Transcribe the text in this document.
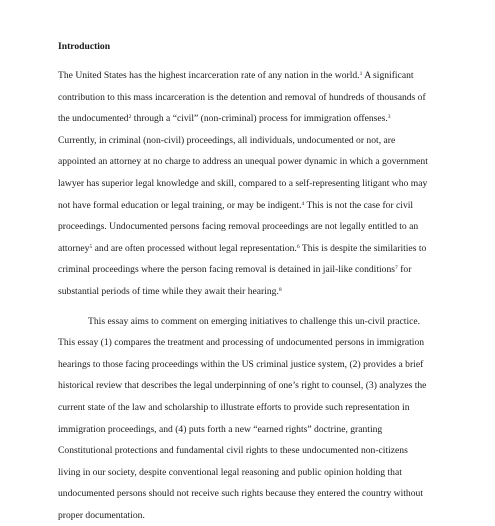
Introduction
The United States has the highest incarceration rate of any nation in the world.$^1$ A significant
contribution to this mass incarceration is the detention and removal of hundreds of thousands of
the undocumented$^2$ through a “civil” (non-criminal) process for immigration offenses.$^3$
Currently, in criminal (non-civil) proceedings, all individuals, undocumented or not, are
appointed an attorney at no charge to address an unequal power dynamic in which a government
lawyer has superior legal knowledge and skill, compared to a self-representing litigant who may
not have formal education or legal training, or may be indigent.$^4$ This is not the case for civil
proceedings. Undocumented persons facing removal proceedings are not legally entitled to an
attorney$^5$ and are often processed without legal representation.$^6$ This is despite the similarities to
criminal proceedings where the person facing removal is detained in jail-like conditions$^7$ for
substantial periods of time while they await their hearing.$^8$
This essay aims to comment on emerging initiatives to challenge this un-civil practice.
This essay (1) compares the treatment and processing of undocumented persons in immigration
hearings to those facing proceedings within the US criminal justice system, (2) provides a brief
historical review that describes the legal underpinning of one’s right to counsel, (3) analyzes the
current state of the law and scholarship to illustrate efforts to provide such representation in
immigration proceedings, and (4) puts forth a new “earned rights” doctrine, granting
Constitutional protections and fundamental civil rights to these undocumented non-citizens
living in our society, despite conventional legal reasoning and public opinion holding that
undocumented persons should not receive such rights because they entered the country without
proper documentation.
